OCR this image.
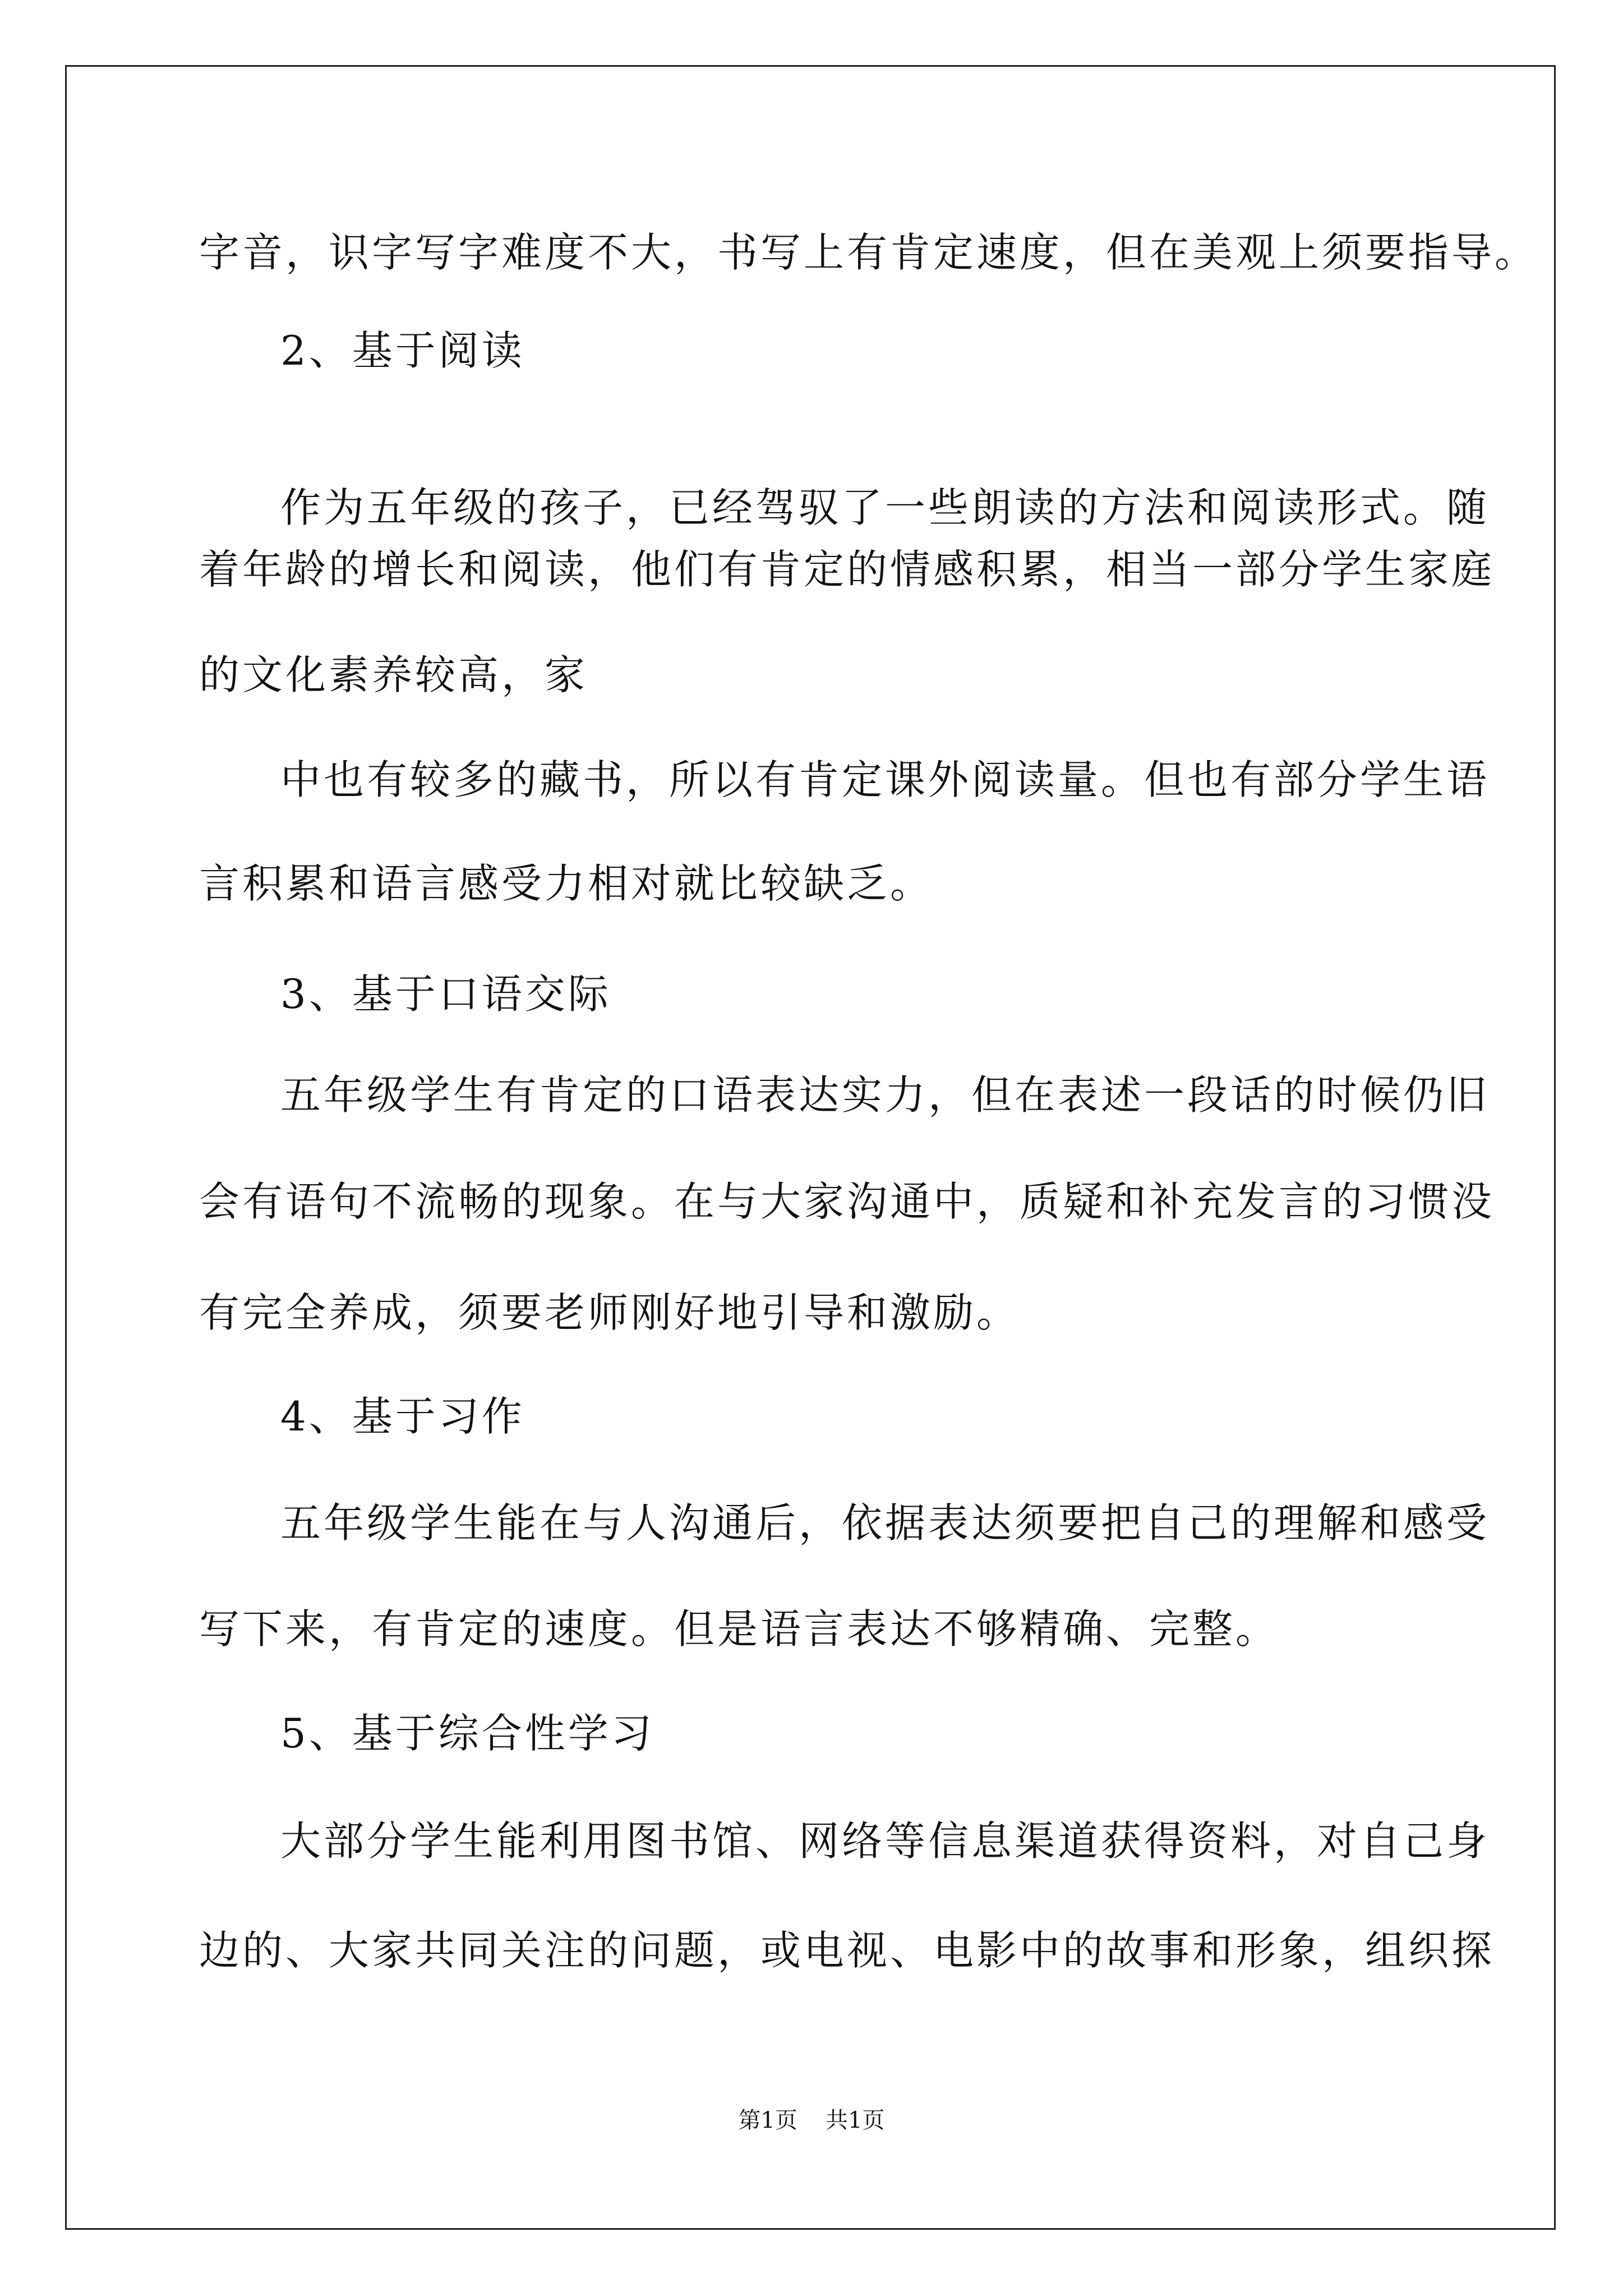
字音，识字写字难度不大，书写上有肯定速度，但在美观上须要指导。
2、基于阅读
作为五年级的孩子，已经驾驭了一些朗读的方法和阅读形式。随
着年龄的增长和阅读，他们有肯定的情感积累，相当一部分学生家庭
的文化素养较高，家
中也有较多的藏书，所以有肯定课外阅读量。但也有部分学生语
言积累和语言感受力相对就比较缺乏。
3、基于口语交际
五年级学生有肯定的口语表达实力，但在表述一段话的时候仍旧
会有语句不流畅的现象。在与大家沟通中，质疑和补充发言的习惯没
有完全养成，须要老师刚好地引导和激励。
4、基于习作
五年级学生能在与人沟通后，依据表达须要把自己的理解和感受
写下来，有肯定的速度。但是语言表达不够精确、完整。
5、基于综合性学习
大部分学生能利用图书馆、网络等信息渠道获得资料，对自己身
边的、大家共同关注的问题，或电视、电影中的故事和形象，组织探
第1页 共1页
